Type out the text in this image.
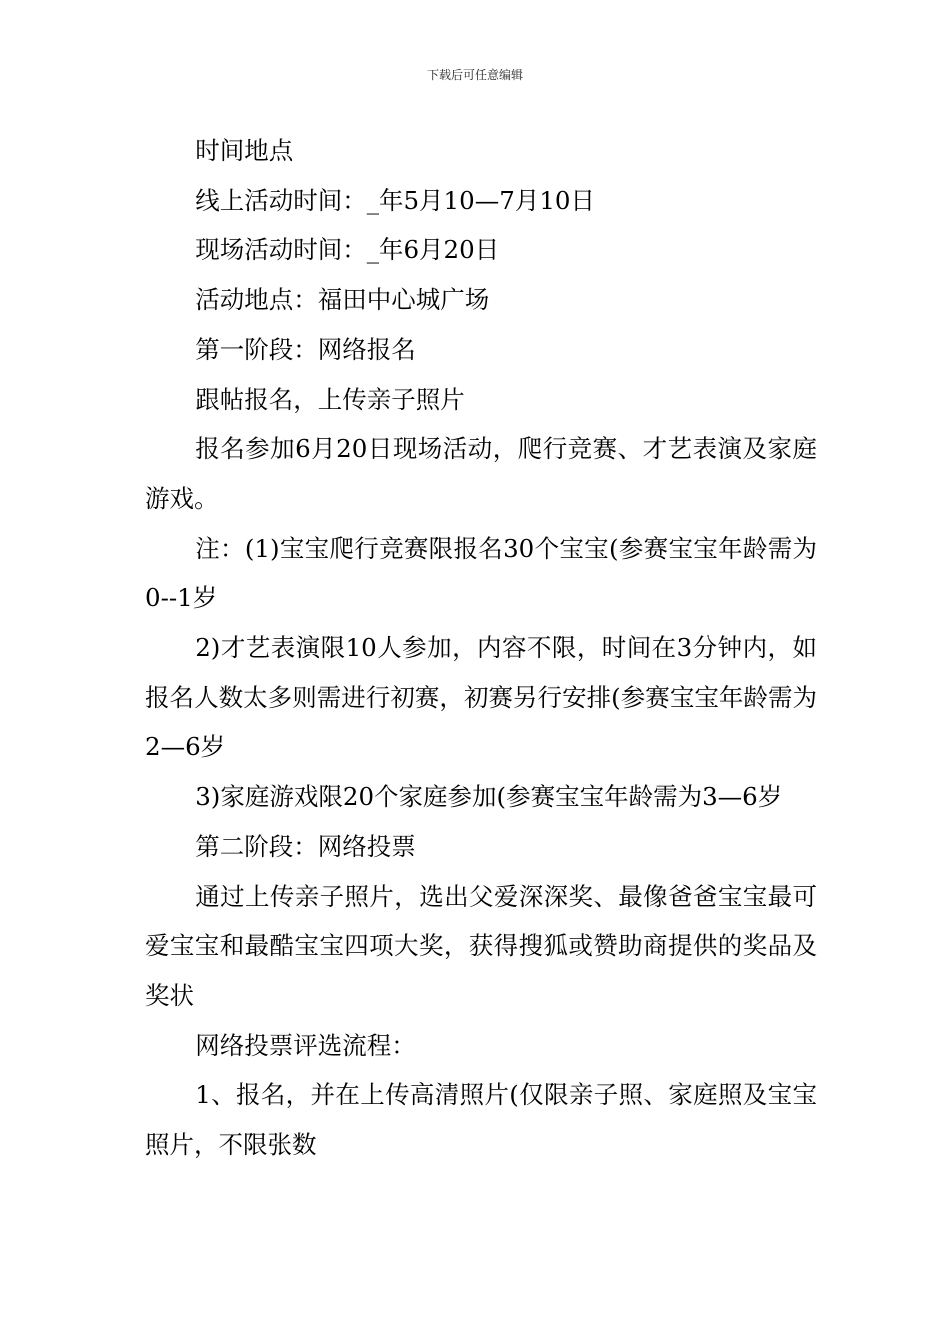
下载后可任意编辑

时间地点

线上活动时间：_年5月10—7月10日

现场活动时间：_年6月20日

活动地点：福田中心城广场

第一阶段：网络报名

跟帖报名，上传亲子照片

报名参加6月20日现场活动，爬行竞赛、才艺表演及家庭游戏。

注：(1)宝宝爬行竞赛限报名30个宝宝(参赛宝宝年龄需为0--1岁

2)才艺表演限10人参加，内容不限，时间在3分钟内，如报名人数太多则需进行初赛，初赛另行安排(参赛宝宝年龄需为2—6岁

3)家庭游戏限20个家庭参加(参赛宝宝年龄需为3—6岁

第二阶段：网络投票

通过上传亲子照片，选出父爱深深奖、最像爸爸宝宝最可爱宝宝和最酷宝宝四项大奖，获得搜狐或赞助商提供的奖品及奖状

网络投票评选流程：

1、报名，并在上传高清照片(仅限亲子照、家庭照及宝宝照片，不限张数
